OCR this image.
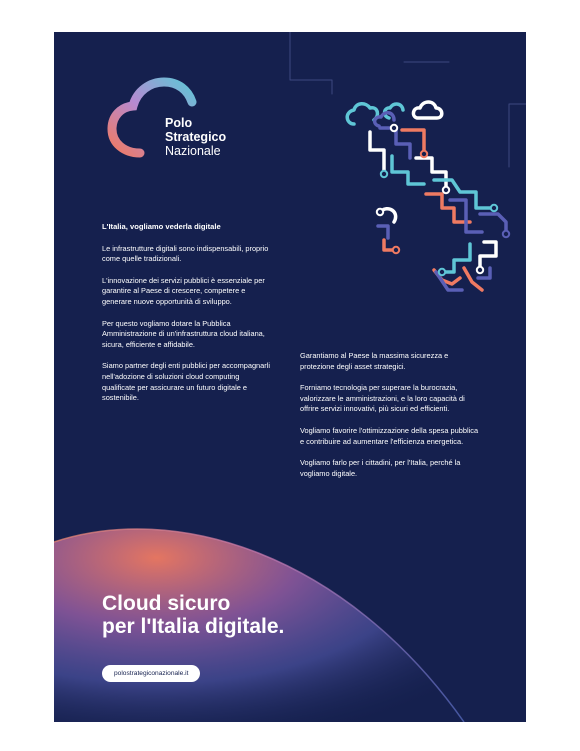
Polo
Strategico
Nazionale

L'Italia, vogliamo vederla digitale

Le infrastrutture digitali sono indispensabili, proprio come quelle tradizionali.

L'innovazione dei servizi pubblici è essenziale per garantire al Paese di crescere, competere e generare nuove opportunità di sviluppo.

Per questo vogliamo dotare la Pubblica Amministrazione di un'infrastruttura cloud italiana, sicura, efficiente e affidabile.

Siamo partner degli enti pubblici per accompagnarli nell'adozione di soluzioni cloud computing qualificate per assicurare un futuro digitale e sostenibile.

Garantiamo al Paese la massima sicurezza e protezione degli asset strategici.

Forniamo tecnologia per superare la burocrazia, valorizzare le amministrazioni, e la loro capacità di offrire servizi innovativi, più sicuri ed efficienti.

Vogliamo favorire l'ottimizzazione della spesa pubblica e contribuire ad aumentare l'efficienza energetica.

Vogliamo farlo per i cittadini, per l'Italia, perché la vogliamo digitale.

Cloud sicuro
per l'Italia digitale.
polostrategiconazionale.it
